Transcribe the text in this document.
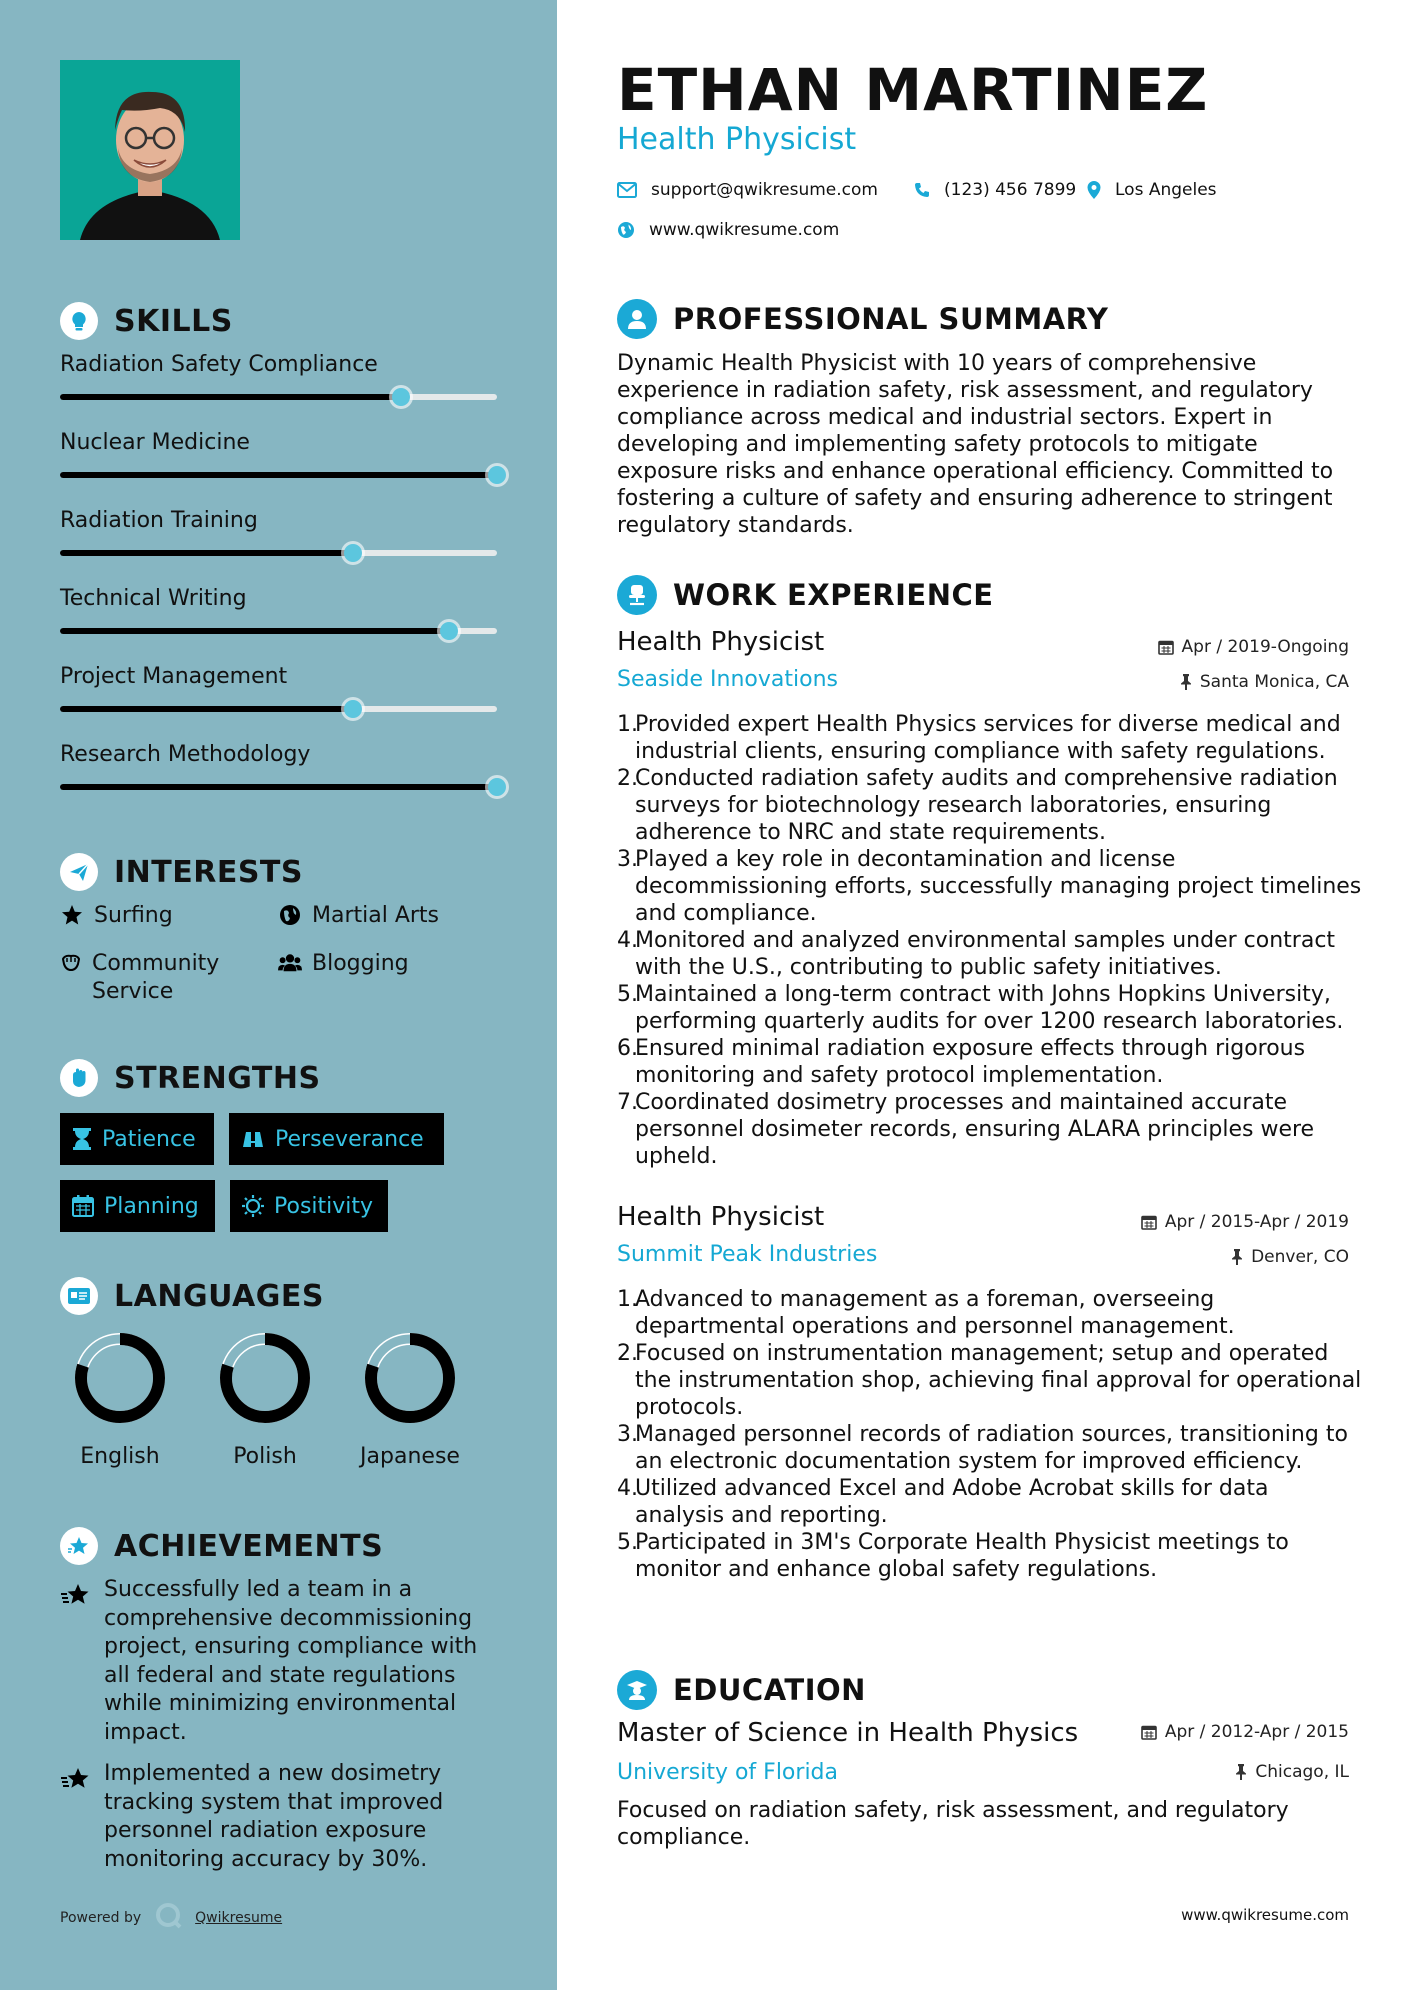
SKILLS
Radiation Safety Compliance
Nuclear Medicine
Radiation Training
Technical Writing
Project Management
Research Methodology
INTERESTS
Surfing	Martial Arts
Community Service
Blogging
STRENGTHS
Patience	Perseverance
Planning	Positivity
LANGUAGES
English	Polish	Japanese
ACHIEVEMENTS
Successfully led a team in a comprehensive decommissioning project, ensuring compliance with all federal and state regulations while minimizing environmental impact.
Implemented a new dosimetry tracking system that improved personnel radiation exposure monitoring accuracy by 30%.
Powered by	Qwikresume
ETHAN MARTINEZ
Health Physicist
support@qwikresume.com	(123) 456 7899 Los Angeles
www.qwikresume.com
PROFESSIONAL SUMMARY
Dynamic Health Physicist with 10 years of comprehensive experience in radiation safety, risk assessment, and regulatory compliance across medical and industrial sectors. Expert in developing and implementing safety protocols to mitigate exposure risks and enhance operational efficiency. Committed to fostering a culture of safety and ensuring adherence to stringent regulatory standards.
WORK EXPERIENCE
Health Physicist
Seaside Innovations
Apr / 2019-Ongoing
Santa Monica, CA
1.
Provided expert Health Physics services for diverse medical and industrial clients, ensuring compliance with safety regulations.
2.
Conducted radiation safety audits and comprehensive radiation surveys for biotechnology research laboratories, ensuring adherence to NRC and state requirements.
3.
Played a key role in decontamination and license decommissioning efforts, successfully managing project timelines and compliance.
4.
Monitored and analyzed environmental samples under contract with the U.S., contributing to public safety initiatives.
5.
Maintained a long-term contract with Johns Hopkins University, performing quarterly audits for over 1200 research laboratories.
6.
Ensured minimal radiation exposure effects through rigorous monitoring and safety protocol implementation.
7.
Coordinated dosimetry processes and maintained accurate personnel dosimeter records, ensuring ALARA principles were upheld.
Health Physicist
Summit Peak Industries
Apr / 2015-Apr / 2019
Denver, CO
1.
Advanced to management as a foreman, overseeing departmental operations and personnel management.
2.
Focused on instrumentation management; setup and operated the instrumentation shop, achieving final approval for operational protocols.
3.
Managed personnel records of radiation sources, transitioning to an electronic documentation system for improved efficiency.
4.
Utilized advanced Excel and Adobe Acrobat skills for data analysis and reporting.
5.
Participated in 3M's Corporate Health Physicist meetings to monitor and enhance global safety regulations.
EDUCATION
Master of Science in Health Physics
University of Florida
Apr / 2012-Apr / 2015
Chicago, IL
Focused on radiation safety, risk assessment, and regulatory compliance.
www.qwikresume.com
